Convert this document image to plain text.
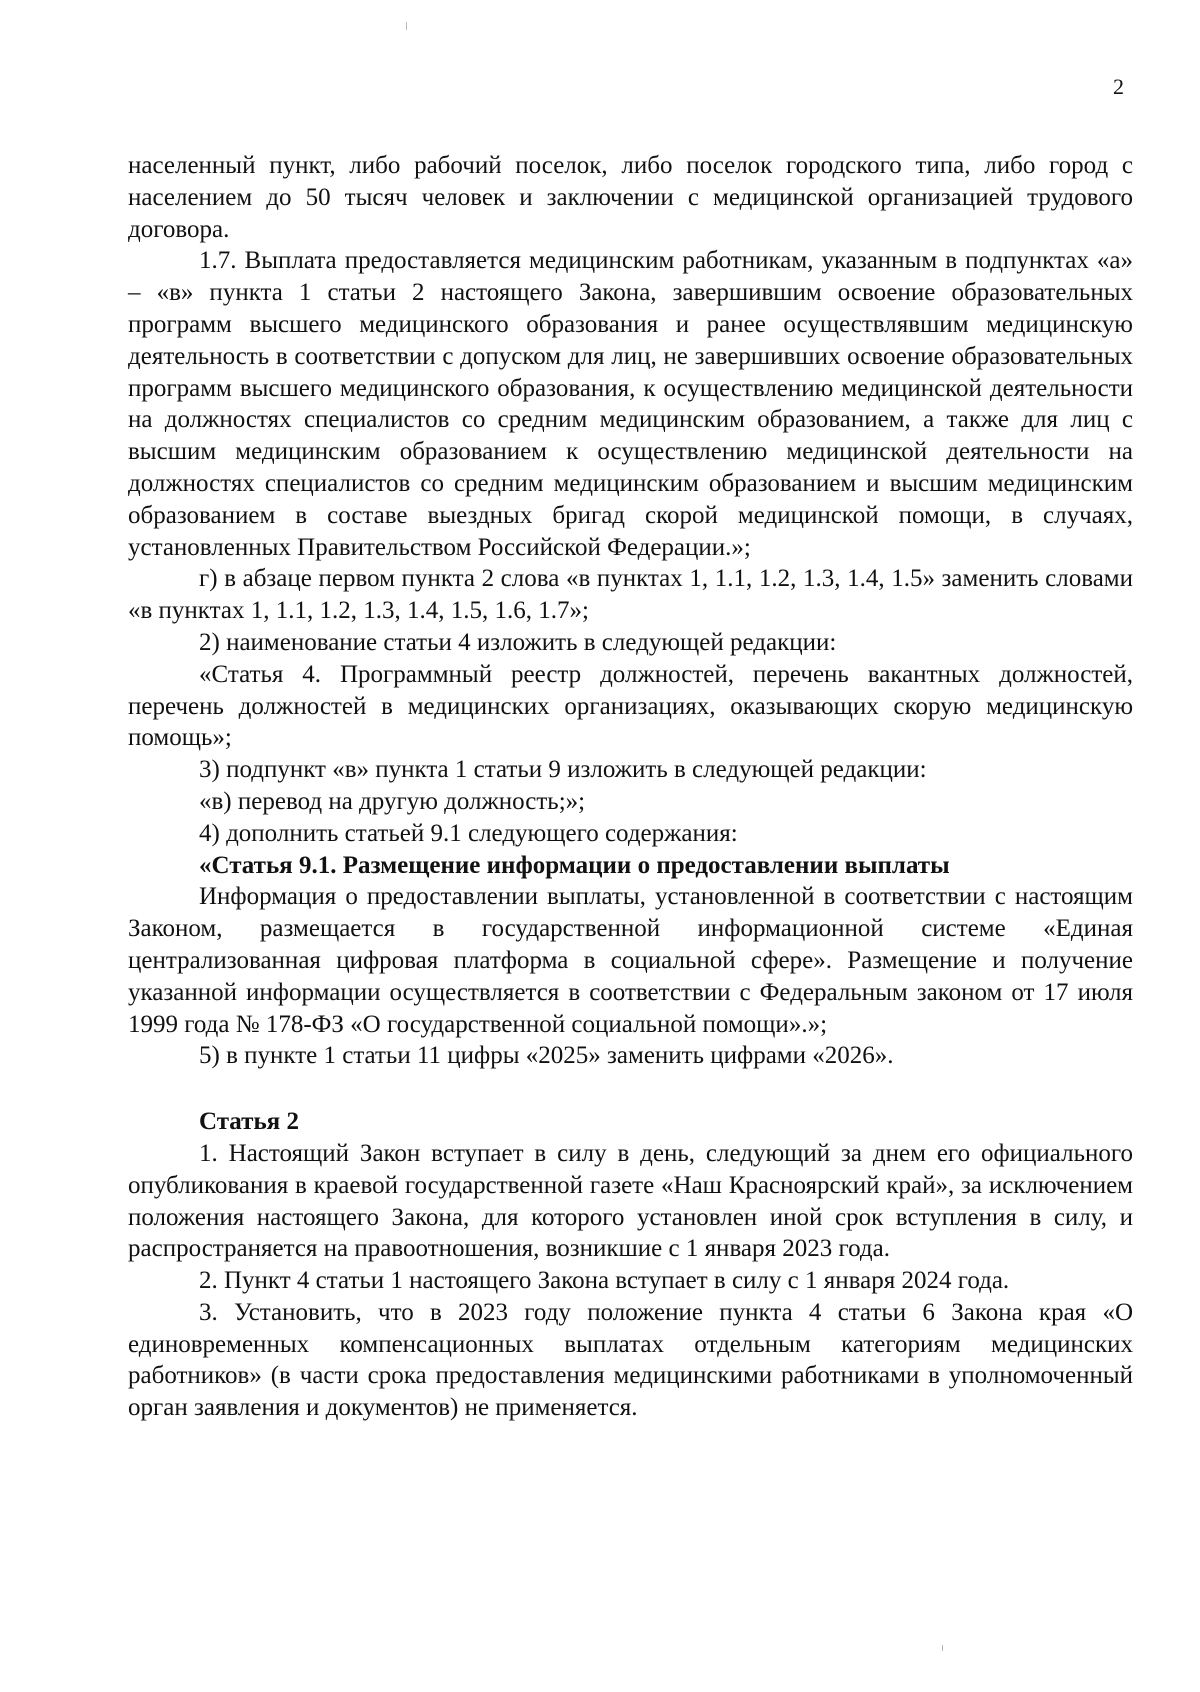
2

населенный пункт, либо рабочий поселок, либо поселок городского типа, либо город с населением до 50 тысяч человек и заключении с медицинской организацией трудового договора.

1.7. Выплата предоставляется медицинским работникам, указанным в подпунктах «а» – «в» пункта 1 статьи 2 настоящего Закона, завершившим освоение образовательных программ высшего медицинского образования и ранее осуществлявшим медицинскую деятельность в соответствии с допуском для лиц, не завершивших освоение образовательных программ высшего медицинского образования, к осуществлению медицинской деятельности на должностях специалистов со средним медицинским образованием, а также для лиц с высшим медицинским образованием к осуществлению медицинской деятельности на должностях специалистов со средним медицинским образованием и высшим медицинским образованием в составе выездных бригад скорой медицинской помощи, в случаях, установленных Правительством Российской Федерации.»;

г) в абзаце первом пункта 2 слова «в пунктах 1, 1.1, 1.2, 1.3, 1.4, 1.5» заменить словами «в пунктах 1, 1.1, 1.2, 1.3, 1.4, 1.5, 1.6, 1.7»;

2) наименование статьи 4 изложить в следующей редакции:

«Статья 4. Программный реестр должностей, перечень вакантных должностей, перечень должностей в медицинских организациях, оказывающих скорую медицинскую помощь»;

3) подпункт «в» пункта 1 статьи 9 изложить в следующей редакции:

«в) перевод на другую должность;»;

4) дополнить статьей 9.1 следующего содержания:

«Статья 9.1. Размещение информации о предоставлении выплаты

Информация о предоставлении выплаты, установленной в соответствии с настоящим Законом, размещается в государственной информационной системе «Единая централизованная цифровая платформа в социальной сфере». Размещение и получение указанной информации осуществляется в соответствии с Федеральным законом от 17 июля 1999 года № 178-ФЗ «О государственной социальной помощи».»;

5) в пункте 1 статьи 11 цифры «2025» заменить цифрами «2026».

Статья 2

1. Настоящий Закон вступает в силу в день, следующий за днем его официального опубликования в краевой государственной газете «Наш Красноярский край», за исключением положения настоящего Закона, для которого установлен иной срок вступления в силу, и распространяется на правоотношения, возникшие с 1 января 2023 года.

2. Пункт 4 статьи 1 настоящего Закона вступает в силу с 1 января 2024 года.

3. Установить, что в 2023 году положение пункта 4 статьи 6 Закона края «О единовременных компенсационных выплатах отдельным категориям медицинских работников» (в части срока предоставления медицинскими работниками в уполномоченный орган заявления и документов) не применяется.
